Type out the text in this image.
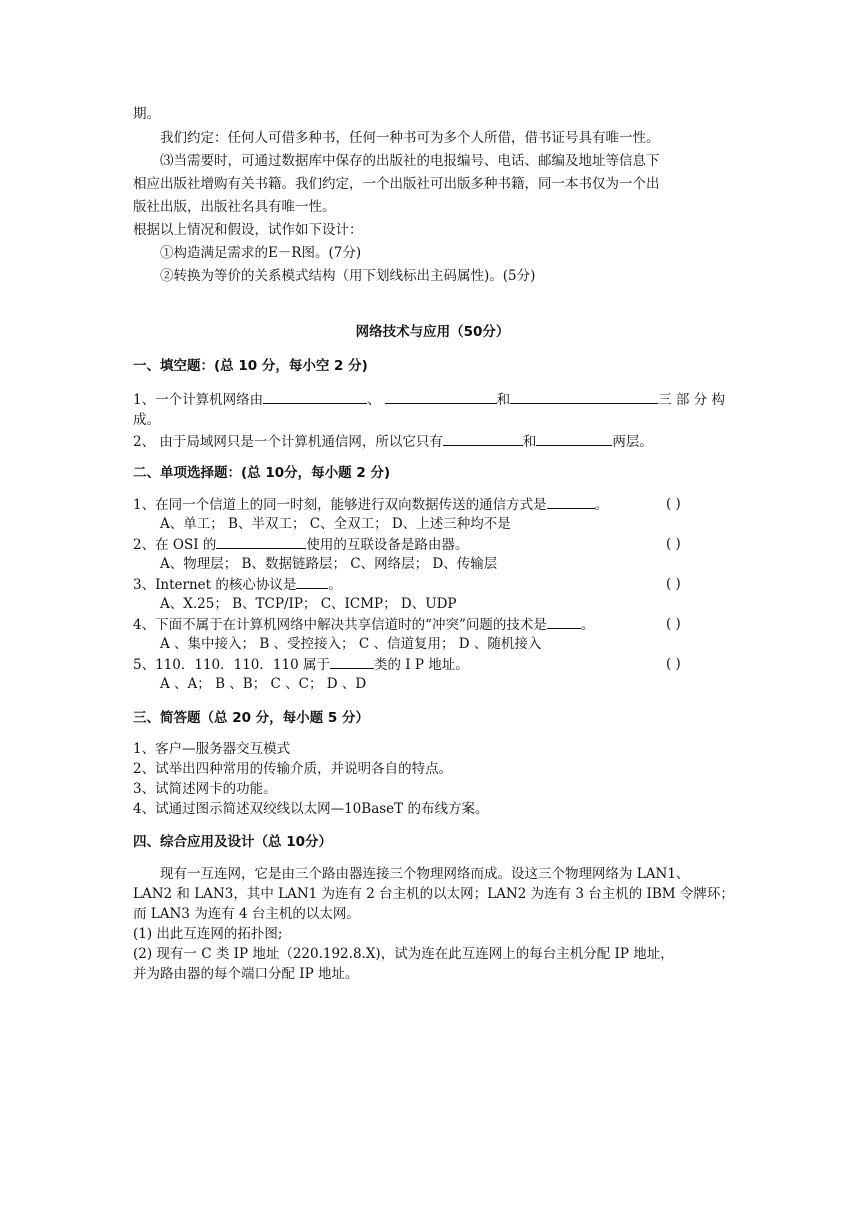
期。
我们约定：任何人可借多种书，任何一种书可为多个人所借，借书证号具有唯一性。
⑶当需要时，可通过数据库中保存的出版社的电报编号、电话、邮编及地址等信息下
相应出版社增购有关书籍。我们约定，一个出版社可出版多种书籍，同一本书仅为一个出
版社出版，出版社名具有唯一性。
根据以上情况和假设，试作如下设计：
①构造满足需求的E－R图。(7分)
②转换为等价的关系模式结构（用下划线标出主码属性)。(5分)
网络技术与应用（50分）
一、填空题：(总 10 分，每小空 2 分)
1、一个计算机网络由	、	和	三 部 分 构
成。
2、 由于局域网只是一个计算机通信网，所以它只有	和	两层。
二、单项选择题：(总 10分，每小题 2 分)
1、在同一个信道上的同一时刻，能够进行双向数据传送的通信方式是	。	( )
A、单工； B、半双工； C、全双工； D、上述三种均不是
2、在 OSI 的	使用的互联设备是路由器。	( )
A、物理层； B、数据链路层； C、网络层； D、传输层
3、Internet 的核心协议是 。	( )
A、X.25； B、TCP/IP； C、ICMP； D、UDP
4、下面不属于在计算机网络中解决共享信道时的“冲突”问题的技术是	。	( )
A 、集中接入； B 、受控接入； C 、信道复用； D 、随机接入
5、110．110．110．110 属于	类的 I P 地址。	( )
A 、A； B 、B； C 、C； D 、D
三、简答题（总 20 分，每小题 5 分）
1、客户—服务器交互模式
2、试举出四种常用的传输介质，并说明各自的特点。
3、试简述网卡的功能。
4、试通过图示简述双绞线以太网—10BaseT 的布线方案。
四、综合应用及设计（总 10分）
现有一互连网，它是由三个路由器连接三个物理网络而成。设这三个物理网络为 LAN1、
LAN2 和 LAN3，其中 LAN1 为连有 2 台主机的以太网；LAN2 为连有 3 台主机的 IBM 令牌环；
而 LAN3 为连有 4 台主机的以太网。
(1) 出此互连网的拓扑图;
(2) 现有一 C 类 IP 地址（220.192.8.X)，试为连在此互连网上的每台主机分配 IP 地址，
并为路由器的每个端口分配 IP 地址。
